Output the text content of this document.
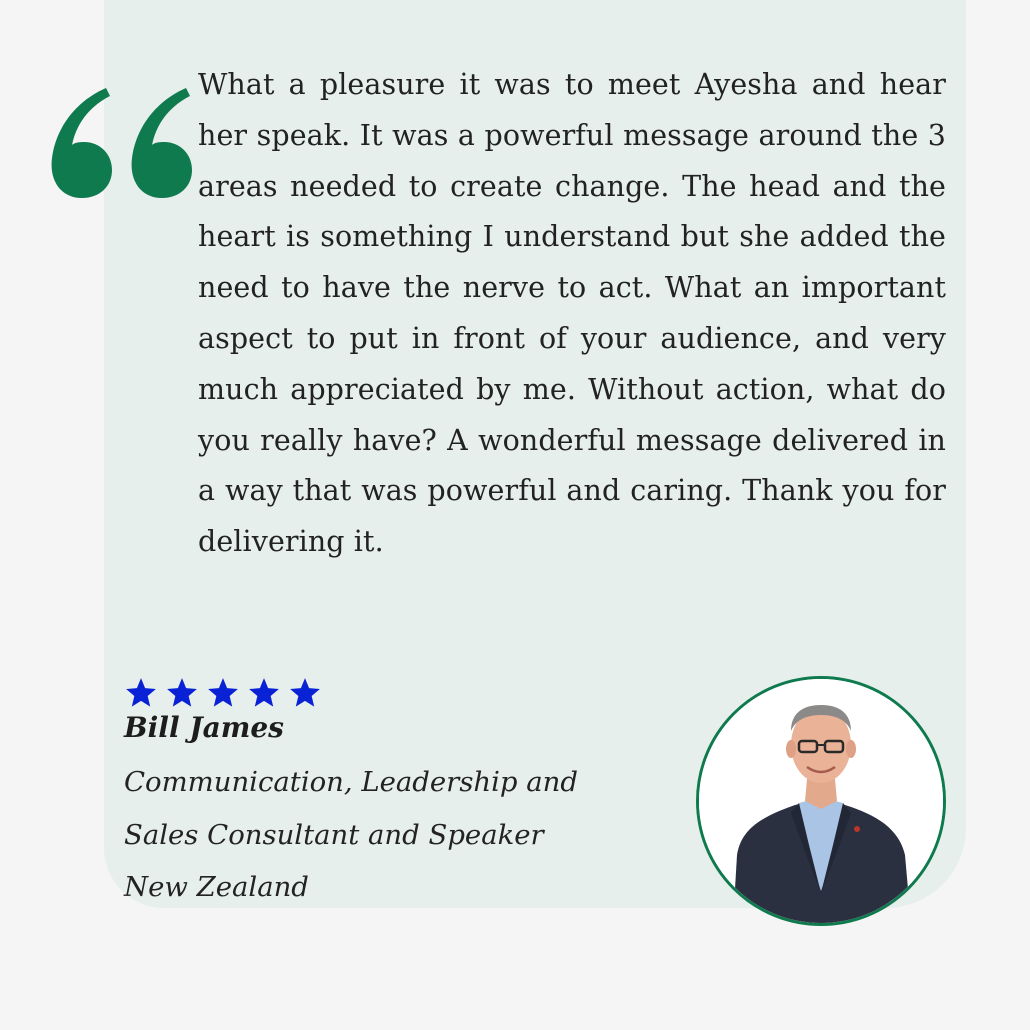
What a pleasure it was to meet Ayesha and hear her speak. It was a powerful message around the 3 areas needed to create change. The head and the heart is something I understand but she added the need to have the nerve to act. What an important aspect to put in front of your audience, and very much appreciated by me. Without action, what do you really have? A wonderful message delivered in a way that was powerful and caring. Thank you for delivering it.
Bill James
Communication, Leadership and
Sales Consultant and Speaker
New Zealand
